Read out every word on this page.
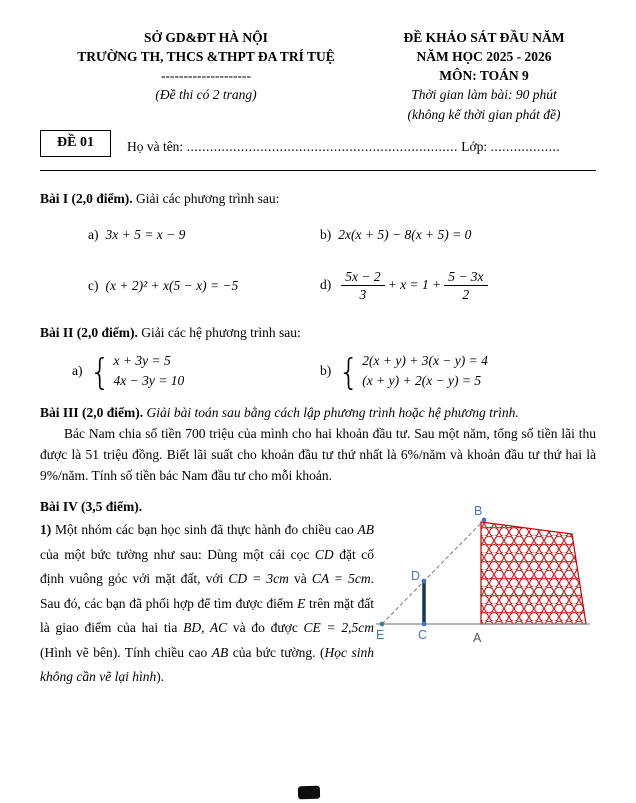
SỞ GD&ĐT HÀ NỘI
TRƯỜNG TH, THCS &THPT ĐA TRÍ TUỆ
--------------------
(Đề thi có 2 trang)
ĐỀ KHẢO SÁT ĐẦU NĂM
NĂM HỌC 2025 - 2026
MÔN: TOÁN 9
Thời gian làm bài: 90 phút
(không kể thời gian phát đề)
ĐỀ 01	Họ và tên: ...................................................................... Lớp: ..................
Bài I (2,0 điểm). Giải các phương trình sau:
a) 3x + 5 = x − 9	b) 2x(x + 5) − 8(x + 5) = 0
c) (x + 2)² + x(5 − x) = −5	$d) \frac{5x - 2}{3} + x = 1 + \frac{5 - 3x}{2}$
Bài II (2,0 điểm). Giải các hệ phương trình sau:
a) { x + 3y = 5
4x − 3y = 10
b) { 2(x + y) + 3(x − y) = 4
(x + y) + 2(x − y) = 5
Bài III (2,0 điểm). Giải bài toán sau bằng cách lập phương trình hoặc hệ phương trình.
Bác Nam chia số tiền 700 triệu của mình cho hai khoản đầu tư. Sau một năm, tổng số tiền lãi thu được là 51 triệu đồng. Biết lãi suất cho khoản đầu tư thứ nhất là 6%/năm và khoản đầu tư thứ hai là 9%/năm. Tính số tiền bác Nam đầu tư cho mỗi khoản.
Bài IV (3,5 điểm).
1) Một nhóm các bạn học sinh đã thực hành đo chiều cao AB của một bức tường như sau: Dùng một cái cọc CD đặt cố định vuông góc với mặt đất, với CD = 3cm và CA = 5cm. Sau đó, các bạn đã phối hợp để tìm được điểm E trên mặt đất là giao điểm của hai tia BD, AC và đo được CE = 2,5cm (Hình vẽ bên). Tính chiều cao AB của bức tường. (Học sinh không cần vẽ lại hình).
B
D
E	C	A
